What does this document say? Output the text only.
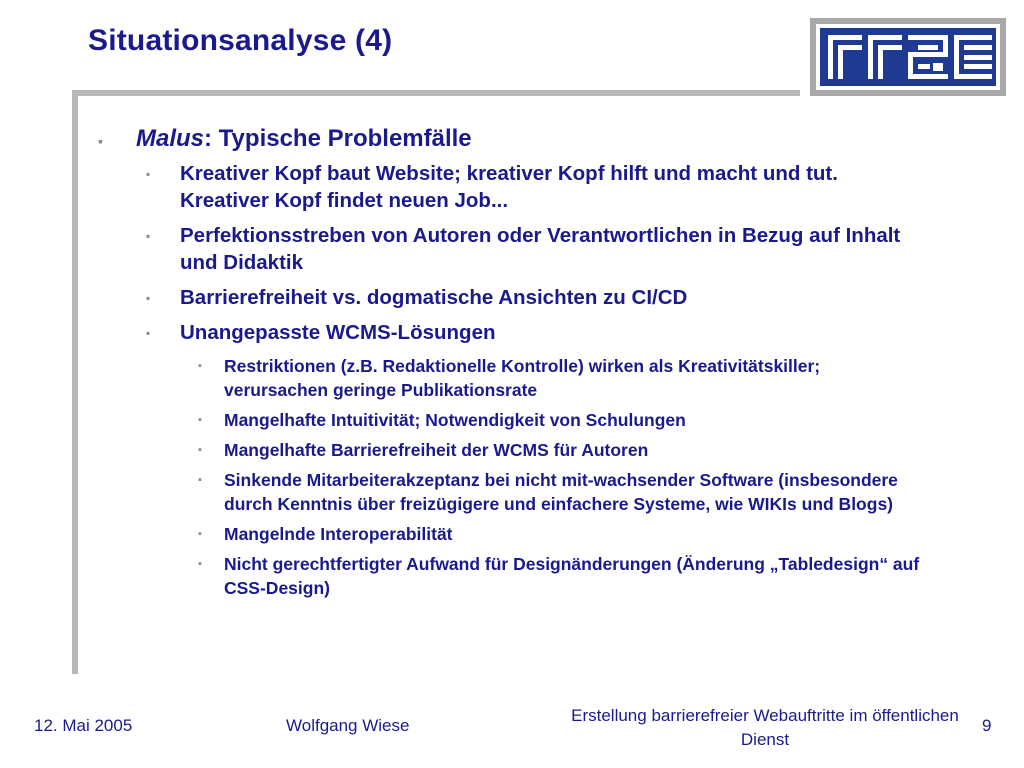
Situationsanalyse (4)
▪ Malus: Typische Problemfälle
▪ Kreativer Kopf baut Website; kreativer Kopf hilft und macht und tut. Kreativer Kopf findet neuen Job...
▪ Perfektionsstreben von Autoren oder Verantwortlichen in Bezug auf Inhalt und Didaktik
▪ Barrierefreiheit vs. dogmatische Ansichten zu CI/CD
▪ Unangepasste WCMS-Lösungen
▪ Restriktionen (z.B. Redaktionelle Kontrolle) wirken als Kreativitätskiller; verursachen geringe Publikationsrate
▪ Mangelhafte Intuitivität; Notwendigkeit von Schulungen
▪ Mangelhafte Barrierefreiheit der WCMS für Autoren
▪ Sinkende Mitarbeiterakzeptanz bei nicht mit-wachsender Software (insbesondere durch Kenntnis über freizügigere und einfachere Systeme, wie WIKIs und Blogs)
▪ Mangelnde Interoperabilität
▪ Nicht gerechtfertigter Aufwand für Designänderungen (Änderung „Tabledesign“ auf CSS-Design)
12. Mai 2005	Wolfgang Wiese
Erstellung barrierefreier Webauftritte im öffentlichen Dienst
9
